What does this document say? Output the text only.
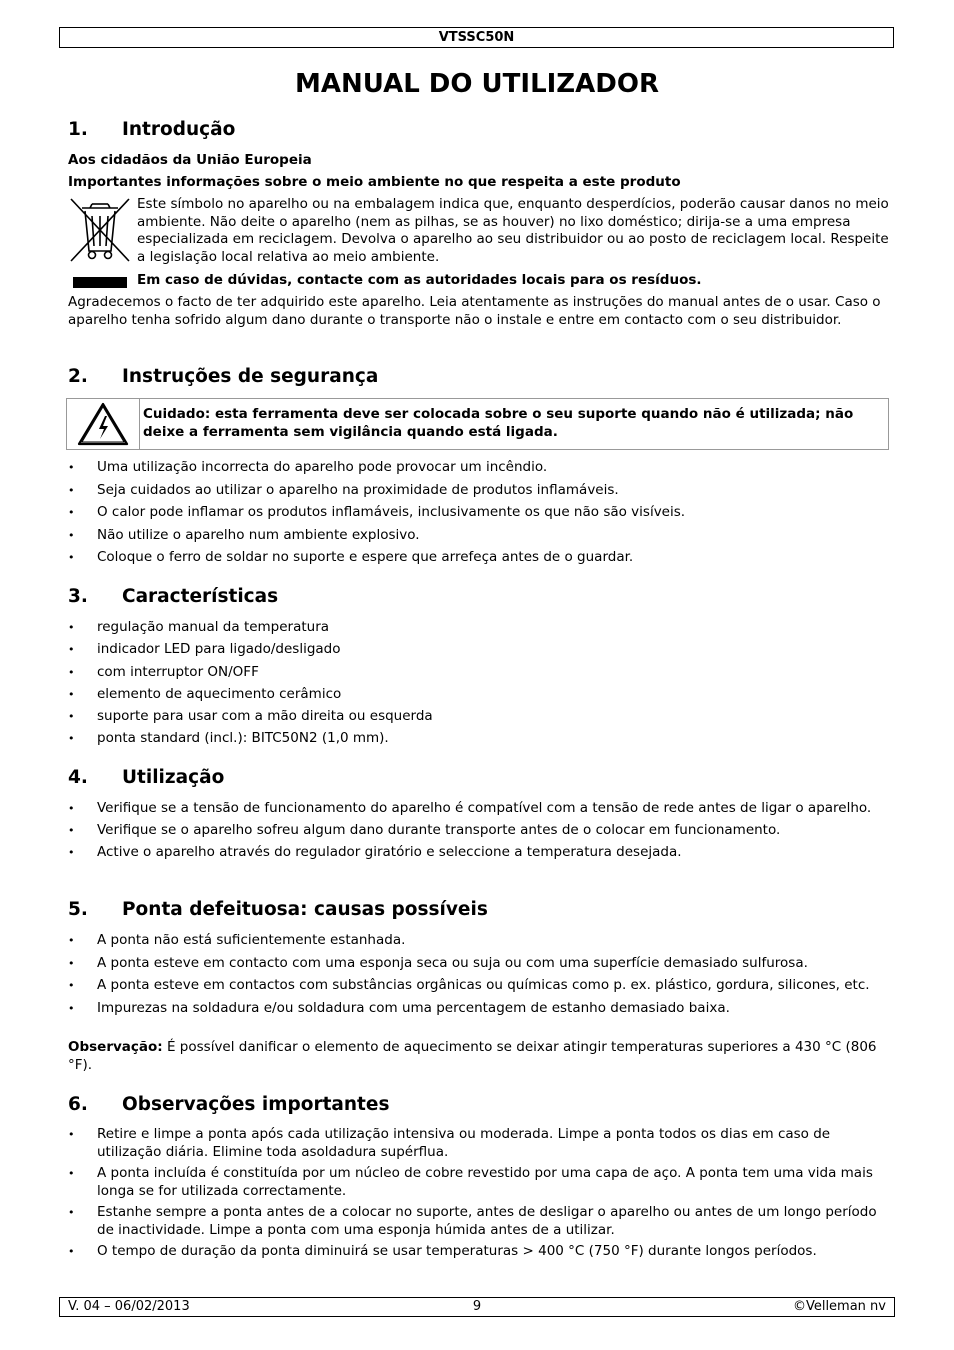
VTSSC50N
MANUAL DO UTILIZADOR
1. Introdução
Aos cidadãos da União Europeia
Importantes informações sobre o meio ambiente no que respeita a este produto
Este símbolo no aparelho ou na embalagem indica que, enquanto desperdícios, poderão causar danos no meio ambiente. Não deite o aparelho (nem as pilhas, se as houver) no lixo doméstico; dirija-se a uma empresa especializada em reciclagem. Devolva o aparelho ao seu distribuidor ou ao posto de reciclagem local. Respeite a legislação local relativa ao meio ambiente.
Em caso de dúvidas, contacte com as autoridades locais para os resíduos.
Agradecemos o facto de ter adquirido este aparelho. Leia atentamente as instruções do manual antes de o usar. Caso o aparelho tenha sofrido algum dano durante o transporte não o instale e entre em contacto com o seu distribuidor.
2. Instruções de segurança
Cuidado: esta ferramenta deve ser colocada sobre o seu suporte quando não é utilizada; não deixe a ferramenta sem vigilância quando está ligada.
• Uma utilização incorrecta do aparelho pode provocar um incêndio.
• Seja cuidados ao utilizar o aparelho na proximidade de produtos inflamáveis.
• O calor pode inflamar os produtos inflamáveis, inclusivamente os que não são visíveis.
• Não utilize o aparelho num ambiente explosivo.
• Coloque o ferro de soldar no suporte e espere que arrefeça antes de o guardar.
3. Características
• regulação manual da temperatura
• indicador LED para ligado/desligado
• com interruptor ON/OFF
• elemento de aquecimento cerâmico
• suporte para usar com a mão direita ou esquerda
• ponta standard (incl.): BITC50N2 (1,0 mm).
4. Utilização
• Verifique se a tensão de funcionamento do aparelho é compatível com a tensão de rede antes de ligar o aparelho.
• Verifique se o aparelho sofreu algum dano durante transporte antes de o colocar em funcionamento.
• Active o aparelho através do regulador giratório e seleccione a temperatura desejada.
5. Ponta defeituosa: causas possíveis
• A ponta não está suficientemente estanhada.
• A ponta esteve em contacto com uma esponja seca ou suja ou com uma superfície demasiado sulfurosa.
• A ponta esteve em contactos com substâncias orgânicas ou químicas como p. ex. plástico, gordura, silicones, etc.
• Impurezas na soldadura e/ou soldadura com uma percentagem de estanho demasiado baixa.
Observação: É possível danificar o elemento de aquecimento se deixar atingir temperaturas superiores a 430 °C (806 °F).
6. Observações importantes
• Retire e limpe a ponta após cada utilização intensiva ou moderada. Limpe a ponta todos os dias em caso de utilização diária. Elimine toda asoldadura supérflua.
• A ponta incluída é constituída por um núcleo de cobre revestido por uma capa de aço. A ponta tem uma vida mais longa se for utilizada correctamente.
• Estanhe sempre a ponta antes de a colocar no suporte, antes de desligar o aparelho ou antes de um longo período de inactividade. Limpe a ponta com uma esponja húmida antes de a utilizar.
• O tempo de duração da ponta diminuirá se usar temperaturas > 400 °C (750 °F) durante longos períodos.
V. 04 – 06/02/2013	9	©Velleman nv
